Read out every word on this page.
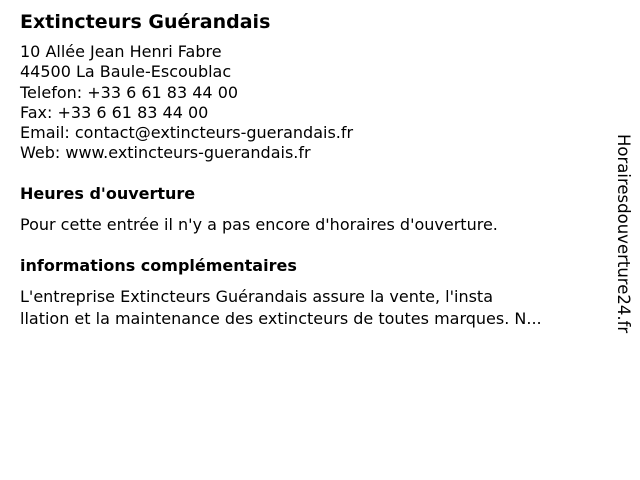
Extincteurs Guérandais
10 Allée Jean Henri Fabre
44500 La Baule-Escoublac
Telefon: +33 6 61 83 44 00
Fax: +33 6 61 83 44 00
Email: contact@extincteurs-guerandais.fr
Web: www.extincteurs-guerandais.fr
Heures d'ouverture
Pour cette entrée il n'y a pas encore d'horaires d'ouverture.
informations complémentaires
L'entreprise Extincteurs Guérandais assure la vente, l'insta
llation et la maintenance des extincteurs de toutes marques. N...	Horairesdouverture24.fr
